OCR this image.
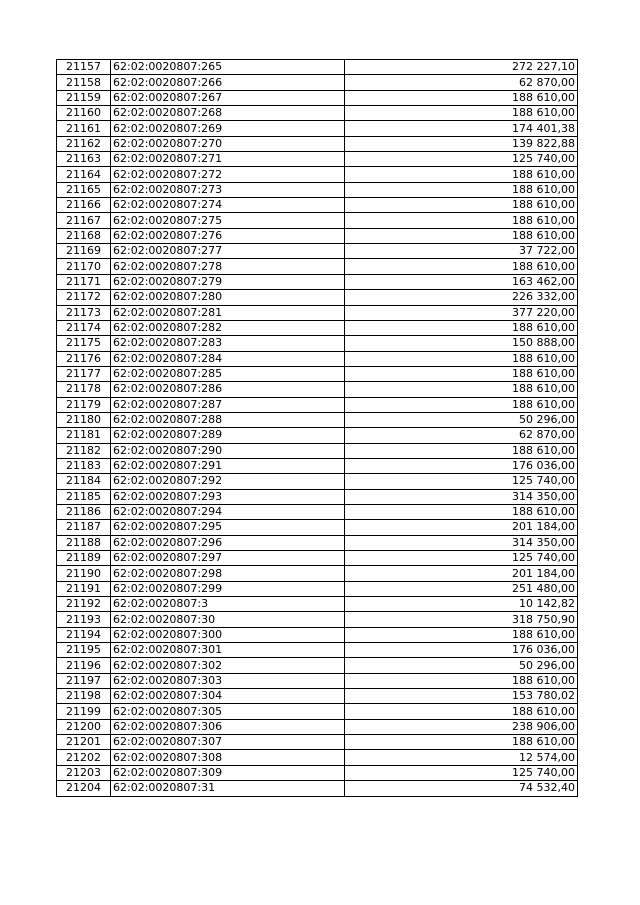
21157	62:02:0020807:265	272 227,10
21158	62:02:0020807:266	62 870,00
21159	62:02:0020807:267	188 610,00
21160	62:02:0020807:268	188 610,00
21161	62:02:0020807:269	174 401,38
21162	62:02:0020807:270	139 822,88
21163	62:02:0020807:271	125 740,00
21164	62:02:0020807:272	188 610,00
21165	62:02:0020807:273	188 610,00
21166	62:02:0020807:274	188 610,00
21167	62:02:0020807:275	188 610,00
21168	62:02:0020807:276	188 610,00
21169	62:02:0020807:277	37 722,00
21170	62:02:0020807:278	188 610,00
21171	62:02:0020807:279	163 462,00
21172	62:02:0020807:280	226 332,00
21173	62:02:0020807:281	377 220,00
21174	62:02:0020807:282	188 610,00
21175	62:02:0020807:283	150 888,00
21176	62:02:0020807:284	188 610,00
21177	62:02:0020807:285	188 610,00
21178	62:02:0020807:286	188 610,00
21179	62:02:0020807:287	188 610,00
21180	62:02:0020807:288	50 296,00
21181	62:02:0020807:289	62 870,00
21182	62:02:0020807:290	188 610,00
21183	62:02:0020807:291	176 036,00
21184	62:02:0020807:292	125 740,00
21185	62:02:0020807:293	314 350,00
21186	62:02:0020807:294	188 610,00
21187	62:02:0020807:295	201 184,00
21188	62:02:0020807:296	314 350,00
21189	62:02:0020807:297	125 740,00
21190	62:02:0020807:298	201 184,00
21191	62:02:0020807:299	251 480,00
21192	62:02:0020807:3	10 142,82
21193	62:02:0020807:30	318 750,90
21194	62:02:0020807:300	188 610,00
21195	62:02:0020807:301	176 036,00
21196	62:02:0020807:302	50 296,00
21197	62:02:0020807:303	188 610,00
21198	62:02:0020807:304	153 780,02
21199	62:02:0020807:305	188 610,00
21200	62:02:0020807:306	238 906,00
21201	62:02:0020807:307	188 610,00
21202	62:02:0020807:308	12 574,00
21203	62:02:0020807:309	125 740,00
21204	62:02:0020807:31	74 532,40
